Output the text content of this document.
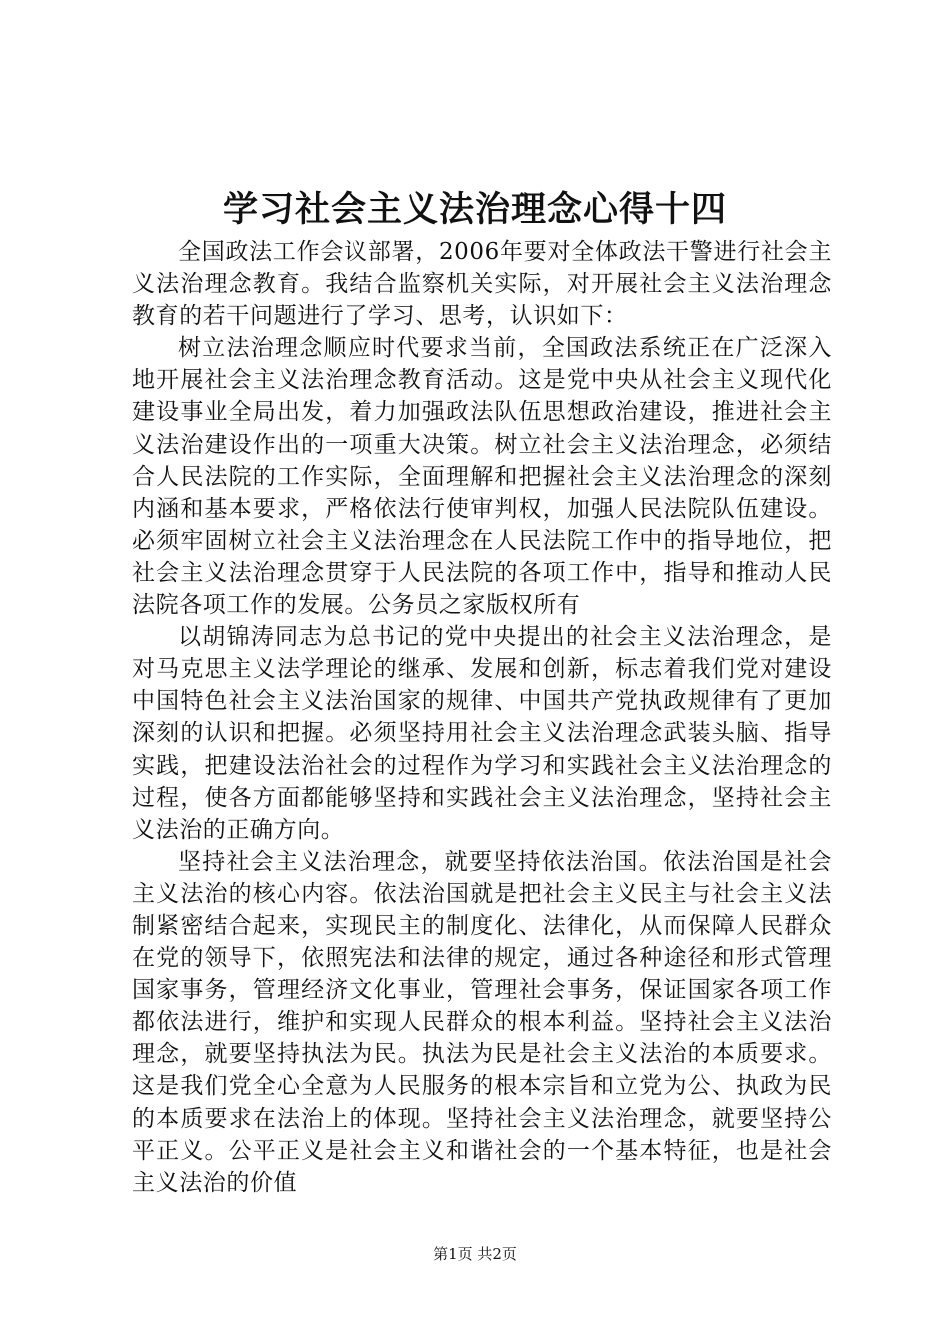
学习社会主义法治理念心得十四

全国政法工作会议部署，2006年要对全体政法干警进行社会主义法治理念教育。我结合监察机关实际，对开展社会主义法治理念教育的若干问题进行了学习、思考，认识如下：

树立法治理念顺应时代要求当前，全国政法系统正在广泛深入地开展社会主义法治理念教育活动。这是党中央从社会主义现代化建设事业全局出发，着力加强政法队伍思想政治建设，推进社会主义法治建设作出的一项重大决策。树立社会主义法治理念，必须结合人民法院的工作实际，全面理解和把握社会主义法治理念的深刻内涵和基本要求，严格依法行使审判权，加强人民法院队伍建设。必须牢固树立社会主义法治理念在人民法院工作中的指导地位，把社会主义法治理念贯穿于人民法院的各项工作中，指导和推动人民法院各项工作的发展。公务员之家版权所有

以胡锦涛同志为总书记的党中央提出的社会主义法治理念，是对马克思主义法学理论的继承、发展和创新，标志着我们党对建设中国特色社会主义法治国家的规律、中国共产党执政规律有了更加深刻的认识和把握。必须坚持用社会主义法治理念武装头脑、指导实践，把建设法治社会的过程作为学习和实践社会主义法治理念的过程，使各方面都能够坚持和实践社会主义法治理念，坚持社会主义法治的正确方向。

坚持社会主义法治理念，就要坚持依法治国。依法治国是社会主义法治的核心内容。依法治国就是把社会主义民主与社会主义法制紧密结合起来，实现民主的制度化、法律化，从而保障人民群众在党的领导下，依照宪法和法律的规定，通过各种途径和形式管理国家事务，管理经济文化事业，管理社会事务，保证国家各项工作都依法进行，维护和实现人民群众的根本利益。坚持社会主义法治理念，就要坚持执法为民。执法为民是社会主义法治的本质要求。这是我们党全心全意为人民服务的根本宗旨和立党为公、执政为民的本质要求在法治上的体现。坚持社会主义法治理念，就要坚持公平正义。公平正义是社会主义和谐社会的一个基本特征，也是社会主义法治的价值

第1页 共2页
